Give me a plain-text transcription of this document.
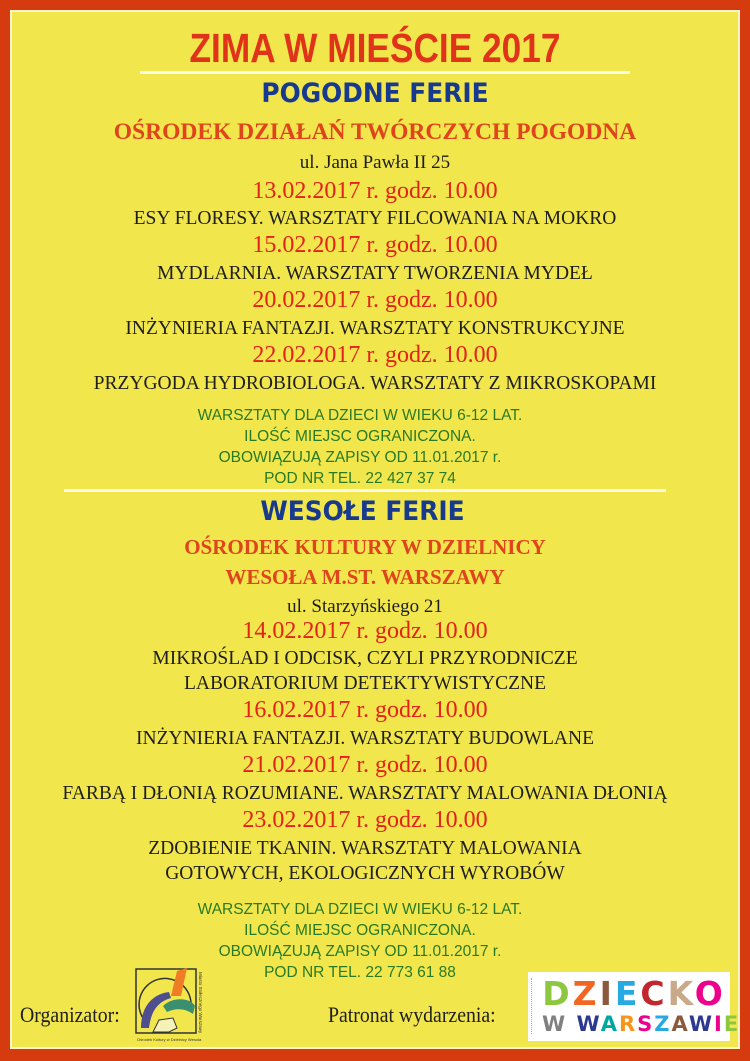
ZIMA W MIEŚCIE 2017
POGODNE FERIE
OŚRODEK DZIAŁAŃ TWÓRCZYCH POGODNA
ul. Jana Pawła II 25
13.02.2017 r. godz. 10.00
ESY FLORESY. WARSZTATY FILCOWANIA NA MOKRO
15.02.2017 r. godz. 10.00
MYDLARNIA. WARSZTATY TWORZENIA MYDEŁ
20.02.2017 r. godz. 10.00
INŻYNIERIA FANTAZJI. WARSZTATY KONSTRUKCYJNE
22.02.2017 r. godz. 10.00
PRZYGODA HYDROBIOLOGA. WARSZTATY Z MIKROSKOPAMI
WARSZTATY DLA DZIECI W WIEKU 6-12 LAT.
ILOŚĆ MIEJSC OGRANICZONA.
OBOWIĄZUJĄ ZAPISY OD 11.01.2017 r.
POD NR TEL. 22 427 37 74
WESOŁE FERIE
OŚRODEK KULTURY W DZIELNICY
WESOŁA M.ST. WARSZAWY
ul. Starzyńskiego 21
14.02.2017 r. godz. 10.00
MIKROŚLAD I ODCISK, CZYLI PRZYRODNICZE
LABORATORIUM DETEKTYWISTYCZNE
16.02.2017 r. godz. 10.00
INŻYNIERIA FANTAZJI. WARSZTATY BUDOWLANE
21.02.2017 r. godz. 10.00
FARBĄ I DŁONIĄ ROZUMIANE. WARSZTATY MALOWANIA DŁONIĄ
23.02.2017 r. godz. 10.00
ZDOBIENIE TKANIN. WARSZTATY MALOWANIA
GOTOWYCH, EKOLOGICZNYCH WYROBÓW
WARSZTATY DLA DZIECI W WIEKU 6-12 LAT.
ILOŚĆ MIEJSC OGRANICZONA.
OBOWIĄZUJĄ ZAPISY OD 11.01.2017 r.
POD NR TEL. 22 773 61 88
Organizator:	Miasto Stołecznego Warszawy
Ośrodek Kultury w Dzielnicy Wesoła
Patronat wydarzenia:
DZIECKO
W WARSZAWIE
